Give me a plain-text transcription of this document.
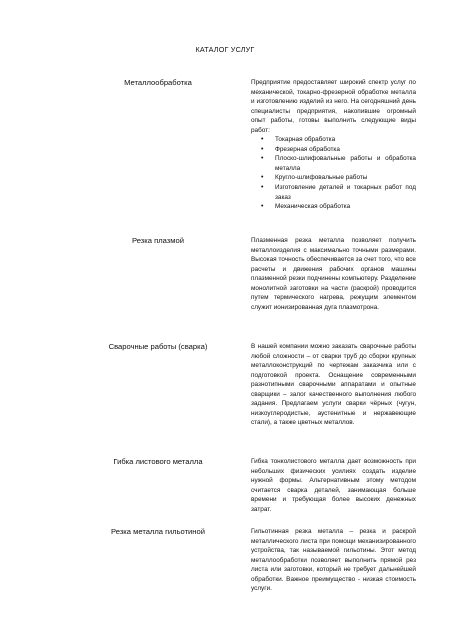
КАТАЛОГ УСЛУГ
Металлообработка	Предприятие предоставляет широкий спектр услуг по механической, токарно-фрезерной обработке металла и изготовлению изделий из него. На сегодняшний день специалисты предприятия, накопившие огромный опыт работы, готовы выполнить следующие виды работ:

• Токарная обработка
• Фрезерная обработка
• Плоско-шлифовальные работы и обработка металла
• Кругло-шлифовальные работы
• Изготовление деталей и токарных работ под заказ
• Механическая обработка
Резка плазмой	Плазменная резка металла позволяет получить металлоизделия с максимально точными размерами. Высокая точность обеспечивается за счет того, что все расчеты и движения рабочих органов машины плазменной резки подчинены компьютеру. Разделение монолитной заготовки на части (раскрой) проводится путем термического нагрева, режущим элементом служит ионизированная дуга плазмотрона.
Сварочные работы (сварка)	В нашей компании можно заказать сварочные работы любой сложности – от сварки труб до сборки крупных металлоконструкций по чертежам заказчика или с подготовкой проекта. Оснащение современными разнотипными сварочными аппаратами и опытные сварщики – залог качественного выполнения любого задания. Предлагаем услуги сварки чёрных (чугун, низкоуглеродистые, аустенитные и нержавеющие стали), а также цветных металлов.
Гибка листового металла	Гибка тонколистового металла дает возможность при небольших физических усилиях создать изделие нужной формы. Альтернативным этому методом считается сварка деталей, занимающая больше времени и требующая более высоких денежных затрат.
Резка металла гильотиной	Гильотинная резка металла – резка и раскрой металлического листа при помощи механизированного устройства, так называемой гильотины. Этот метод металлообработки позволяет выполнить прямой рез листа или заготовки, который не требует дальнейшей обработки. Важное преимущество - низкая стоимость услуги.
